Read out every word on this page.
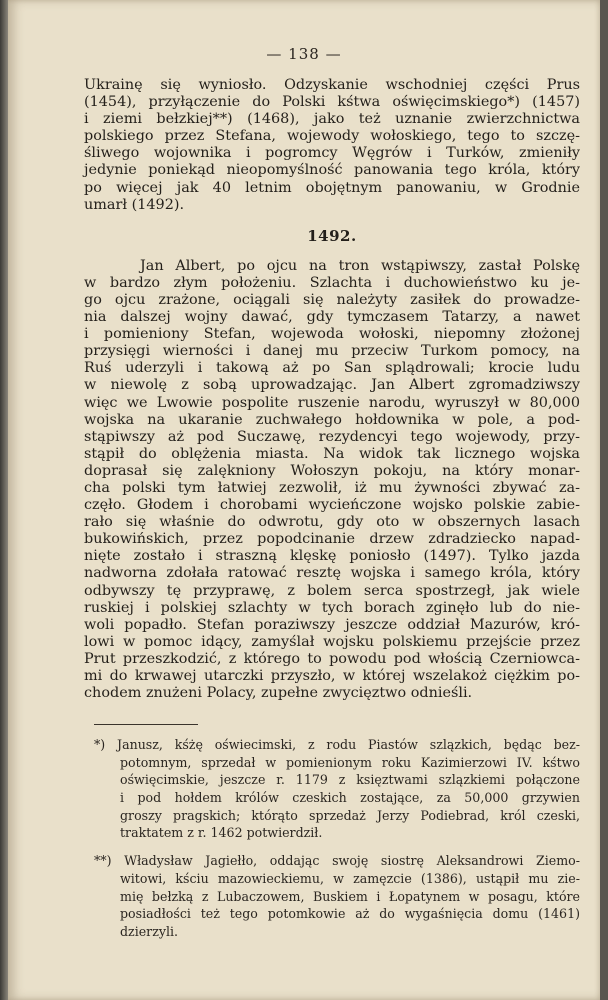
— 138 —
Ukrainę się wyniosło. Odzyskanie wschodniej części Prus
(1454), przyłączenie do Polski kśtwa oświęcimskiego*) (1457)
i ziemi bełzkiej**) (1468), jako też uznanie zwierzchnictwa
polskiego przez Stefana, wojewody wołoskiego, tego to szczę-
śliwego wojownika i pogromcy Węgrów i Turków, zmieniły
jedynie poniekąd nieopomyślność panowania tego króla, który
po więcej jak 40 letnim obojętnym panowaniu, w Grodnie
umarł (1492).
1492.
Jan Albert, po ojcu na tron wstąpiwszy, zastał Polskę
w bardzo złym położeniu. Szlachta i duchowieństwo ku je-
go ojcu zrażone, ociągali się należyty zasiłek do prowadze-
nia dalszej wojny dawać, gdy tymczasem Tatarzy, a nawet
i pomieniony Stefan, wojewoda wołoski, niepomny złożonej
przysięgi wierności i danej mu przeciw Turkom pomocy, na
Ruś uderzyli i takową aż po San splądrowali; krocie ludu
w niewolę z sobą uprowadzając. Jan Albert zgromadziwszy
więc we Lwowie pospolite ruszenie narodu, wyruszył w 80,000
wojska na ukaranie zuchwałego hołdownika w pole, a pod-
stąpiwszy aż pod Suczawę, rezydencyi tego wojewody, przy-
stąpił do oblężenia miasta. Na widok tak licznego wojska
doprasał się zalękniony Wołoszyn pokoju, na który monar-
cha polski tym łatwiej zezwolił, iż mu żywności zbywać za-
częło. Głodem i chorobami wycieńczone wojsko polskie zabie-
rało się właśnie do odwrotu, gdy oto w obszernych lasach
bukowińskich, przez popodcinanie drzew zdradziecko napad-
nięte zostało i straszną klęskę poniosło (1497). Tylko jazda
nadworna zdołała ratować resztę wojska i samego króla, który
odbywszy tę przyprawę, z bolem serca spostrzegł, jak wiele
ruskiej i polskiej szlachty w tych borach zginęło lub do nie-
woli popadło. Stefan poraziwszy jeszcze oddział Mazurów, kró-
lowi w pomoc idący, zamyślał wojsku polskiemu przejście przez
Prut przeszkodzić, z którego to powodu pod włością Czerniowca-
mi do krwawej utarczki przyszło, w której wszelakoż ciężkim po-
chodem znużeni Polacy, zupełne zwycięztwo odnieśli.
*) Janusz, kśżę oświecimski, z rodu Piastów szlązkich, będąc bez-
potomnym, sprzedał w pomienionym roku Kazimierzowi IV. kśtwo
oświęcimskie, jeszcze r. 1179 z księztwami szlązkiemi połączone
i pod hołdem królów czeskich zostające, za 50,000 grzywien
groszy pragskich; którąto sprzedaż Jerzy Podiebrad, król czeski,
traktatem z r. 1462 potwierdził.
**) Władysław Jagiełło, oddając swoję siostrę Aleksandrowi Ziemo-
witowi, kściu mazowieckiemu, w zamęzcie (1386), ustąpił mu zie-
mię bełzką z Lubaczowem, Buskiem i Łopatynem w posagu, które
posiadłości też tego potomkowie aż do wygaśnięcia domu (1461)
dzierzyli.
